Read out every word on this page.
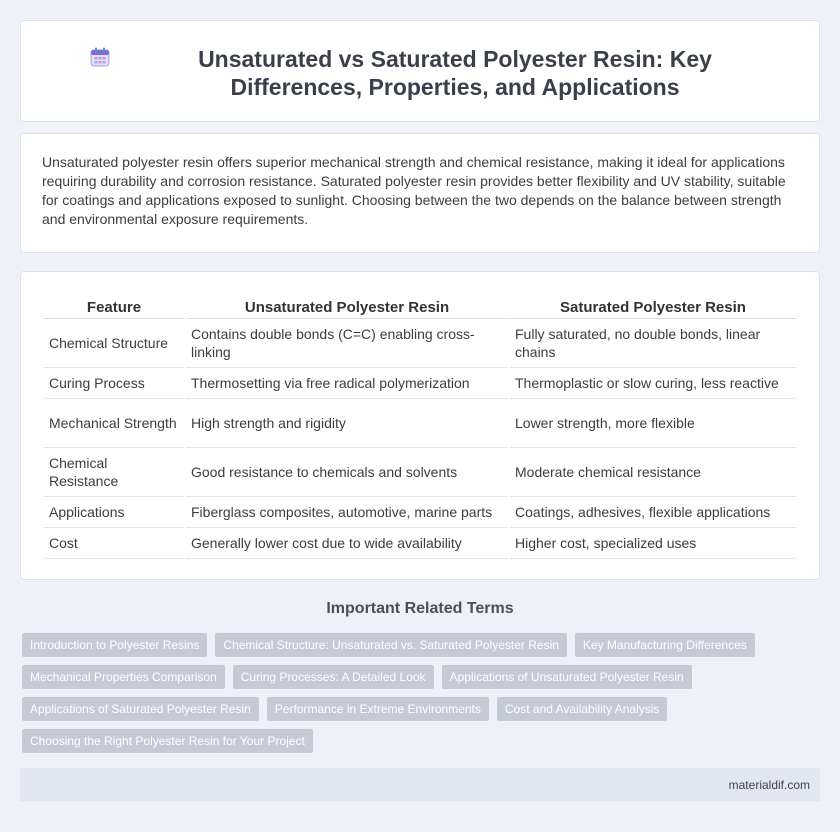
Unsaturated vs Saturated Polyester Resin: Key Differences, Properties, and Applications

Unsaturated polyester resin offers superior mechanical strength and chemical resistance, making it ideal for applications requiring durability and corrosion resistance. Saturated polyester resin provides better flexibility and UV stability, suitable for coatings and applications exposed to sunlight. Choosing between the two depends on the balance between strength and environmental exposure requirements.

Feature	Unsaturated Polyester Resin	Saturated Polyester Resin
Chemical Structure	Contains double bonds (C=C) enabling cross-linking	Fully saturated, no double bonds, linear chains
Curing Process	Thermosetting via free radical polymerization	Thermoplastic or slow curing, less reactive
Mechanical Strength	High strength and rigidity	Lower strength, more flexible
Chemical Resistance	Good resistance to chemicals and solvents	Moderate chemical resistance
Applications	Fiberglass composites, automotive, marine parts	Coatings, adhesives, flexible applications
Cost	Generally lower cost due to wide availability	Higher cost, specialized uses
Important Related Terms
Introduction to Polyester Resins	Chemical Structure: Unsaturated vs. Saturated Polyester Resin	Key Manufacturing Differences
Mechanical Properties Comparison	Curing Processes: A Detailed Look	Applications of Unsaturated Polyester Resin
Applications of Saturated Polyester Resin	Performance in Extreme Environments	Cost and Availability Analysis
Choosing the Right Polyester Resin for Your Project
materialdif.com
